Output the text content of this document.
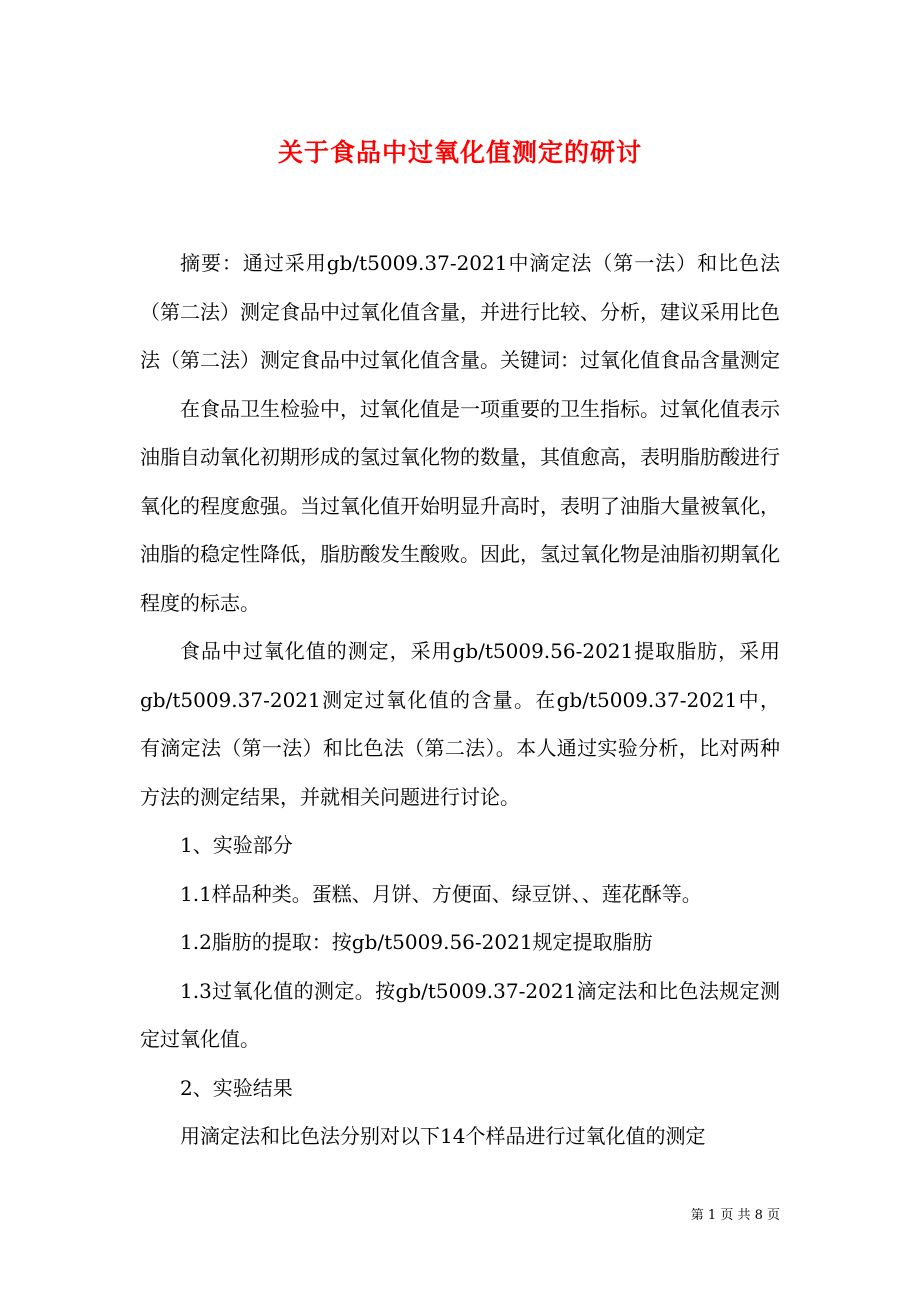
关于食品中过氧化值测定的研讨

摘要：通过采用gb/t5009.37-2021中滴定法（第一法）和比色法（第二法）测定食品中过氧化值含量，并进行比较、分析，建议采用比色法（第二法）测定食品中过氧化值含量。关键词：过氧化值食品含量测定

在食品卫生检验中，过氧化值是一项重要的卫生指标。过氧化值表示油脂自动氧化初期形成的氢过氧化物的数量，其值愈高，表明脂肪酸进行氧化的程度愈强。当过氧化值开始明显升高时，表明了油脂大量被氧化，油脂的稳定性降低，脂肪酸发生酸败。因此，氢过氧化物是油脂初期氧化程度的标志。

食品中过氧化值的测定，采用gb/t5009.56-2021提取脂肪，采用gb/t5009.37-2021测定过氧化值的含量。在gb/t5009.37-2021中，有滴定法（第一法）和比色法（第二法）。本人通过实验分析，比对两种方法的测定结果，并就相关问题进行讨论。

1、实验部分

1.1样品种类。蛋糕、月饼、方便面、绿豆饼、、莲花酥等。

1.2脂肪的提取：按gb/t5009.56-2021规定提取脂肪

1.3过氧化值的测定。按gb/t5009.37-2021滴定法和比色法规定测定过氧化值。

2、实验结果

用滴定法和比色法分别对以下14个样品进行过氧化值的测定

第 1 页 共 8 页
